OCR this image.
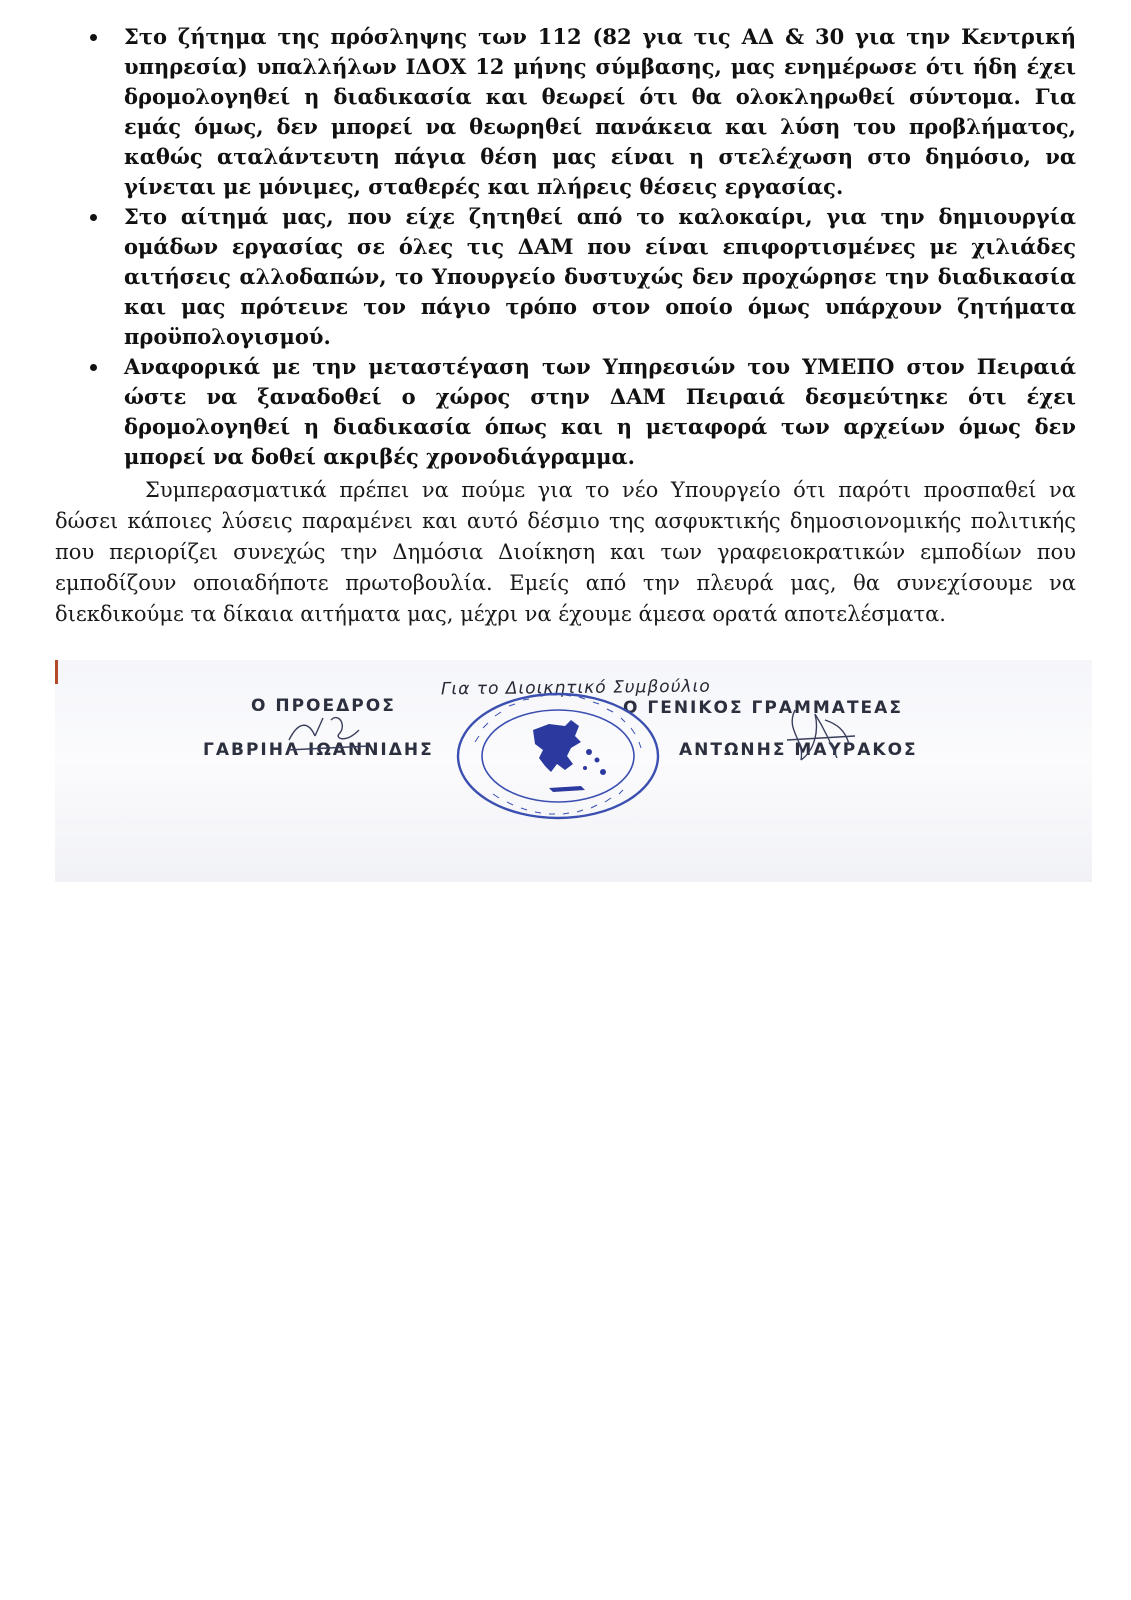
Στο ζήτημα της πρόσληψης των 112 (82 για τις ΑΔ & 30 για την Κεντρική υπηρεσία) υπαλλήλων ΙΔΟΧ 12 μήνης σύμβασης, μας ενημέρωσε ότι ήδη έχει δρομολογηθεί η διαδικασία και θεωρεί ότι θα ολοκληρωθεί σύντομα. Για εμάς όμως, δεν μπορεί να θεωρηθεί πανάκεια και λύση του προβλήματος, καθώς αταλάντευτη πάγια θέση μας είναι η στελέχωση στο δημόσιο, να γίνεται με μόνιμες, σταθερές και πλήρεις θέσεις εργασίας.
Στο αίτημά μας, που είχε ζητηθεί από το καλοκαίρι, για την δημιουργία ομάδων εργασίας σε όλες τις ΔΑΜ που είναι επιφορτισμένες με χιλιάδες αιτήσεις αλλοδαπών, το Υπουργείο δυστυχώς δεν προχώρησε την διαδικασία και μας πρότεινε τον πάγιο τρόπο στον οποίο όμως υπάρχουν ζητήματα προϋπολογισμού.
Αναφορικά με την μεταστέγαση των Υπηρεσιών του ΥΜΕΠΟ στον Πειραιά ώστε να ξαναδοθεί ο χώρος στην ΔΑΜ Πειραιά δεσμεύτηκε ότι έχει δρομολογηθεί η διαδικασία όπως και η μεταφορά των αρχείων όμως δεν μπορεί να δοθεί ακριβές χρονοδιάγραμμα.

Συμπερασματικά πρέπει να πούμε για το νέο Υπουργείο ότι παρότι προσπαθεί να δώσει κάποιες λύσεις παραμένει και αυτό δέσμιο της ασφυκτικής δημοσιονομικής πολιτικής που περιορίζει συνεχώς την Δημόσια Διοίκηση και των γραφειοκρατικών εμποδίων που εμποδίζουν οποιαδήποτε πρωτοβουλία. Εμείς από την πλευρά μας, θα συνεχίσουμε να διεκδικούμε τα δίκαια αιτήματα μας, μέχρι να έχουμε άμεσα ορατά αποτελέσματα.

Για το Διοικητικό Συμβούλιο
Ο ΠΡΟΕΔΡΟΣ
ΓΑΒΡΙΗΛ ΙΩΑΝΝΙΔΗΣ
Ο ΓΕΝΙΚΟΣ ΓΡΑΜΜΑΤΕΑΣ
ΑΝΤΩΝΗΣ ΜΑΥΡΑΚΟΣ
